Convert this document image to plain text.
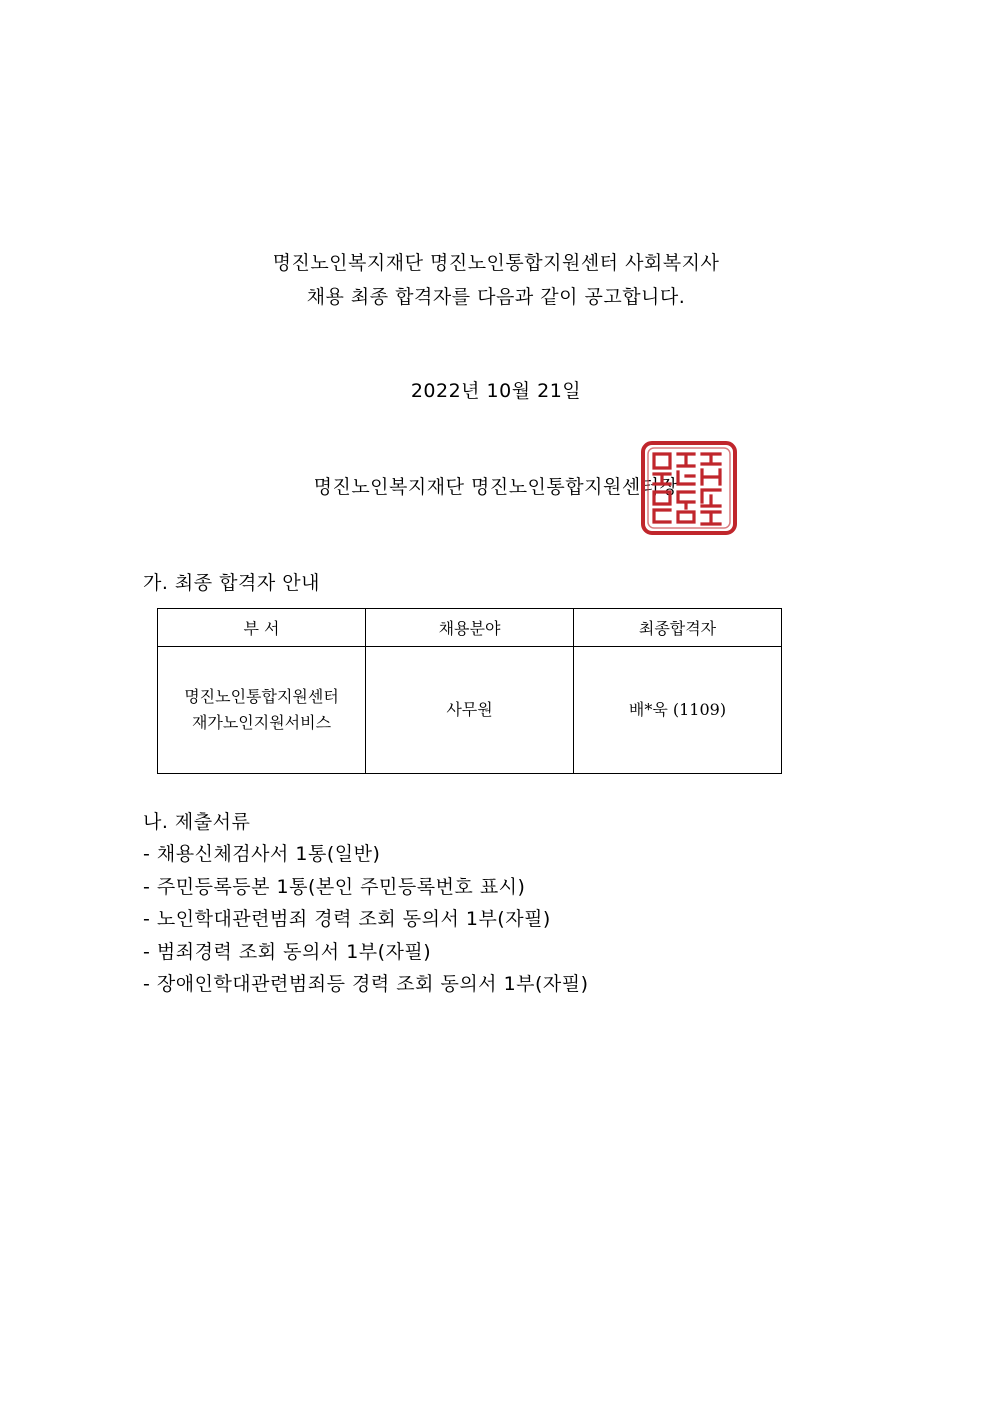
명진노인복지재단 명진노인통합지원센터 사회복지사
채용 최종 합격자를 다음과 같이 공고합니다.
2022년 10월 21일
명진노인복지재단 명진노인통합지원센터장
가. 최종 합격자 안내
부 서	채용분야	최종합격자

명진노인통합지원센터
재가노인지원서비스	사무원	배*욱 (1109)
나. 제출서류
- 채용신체검사서 1통(일반)
- 주민등록등본 1통(본인 주민등록번호 표시)
- 노인학대관련범죄 경력 조회 동의서 1부(자필)
- 범죄경력 조회 동의서 1부(자필)
- 장애인학대관련범죄등 경력 조회 동의서 1부(자필)
